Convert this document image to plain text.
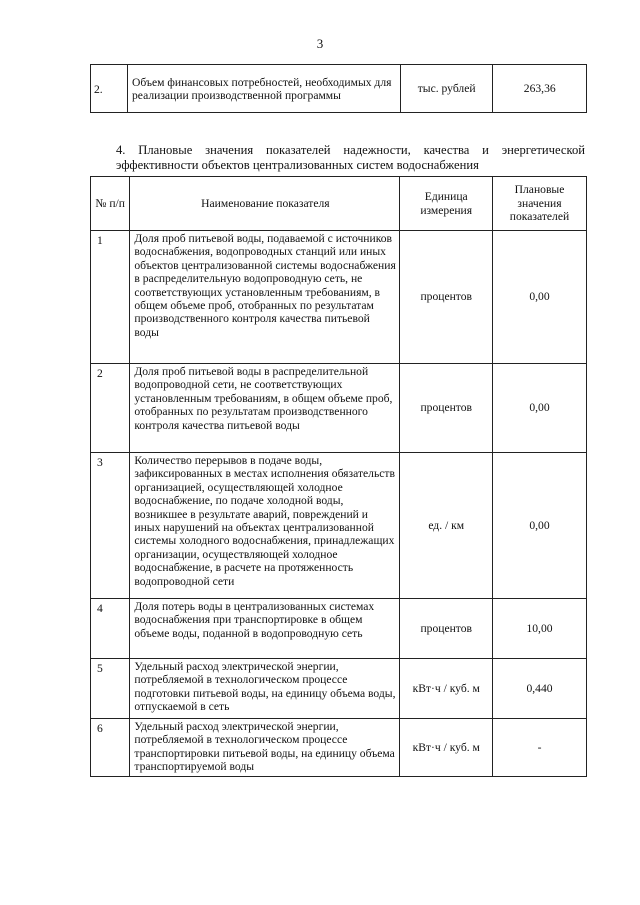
3
2.	Объем финансовых потребностей, необходимых для реализации производственной программы	тыс. рублей	263,36
4. Плановые значения показателей надежности, качества и энергетической эффективности объектов централизованных систем водоснабжения
№ п/п	Наименование показателя	Единица измерения	Плановые значения показателей
1	Доля проб питьевой воды, подаваемой с источников водоснабжения, водопроводных станций или иных объектов централизованной системы водоснабжения в распределительную водопроводную сеть, не соответствующих установленным требованиям, в общем объеме проб, отобранных по результатам производственного контроля качества питьевой воды	процентов	0,00
2	Доля проб питьевой воды в распределительной водопроводной сети, не соответствующих установленным требованиям, в общем объеме проб, отобранных по результатам производственного контроля качества питьевой воды	процентов	0,00
3	Количество перерывов в подаче воды, зафиксированных в местах исполнения обязательств организацией, осуществляющей холодное водоснабжение, по подаче холодной воды, возникшее в результате аварий, повреждений и иных нарушений на объектах централизованной системы холодного водоснабжения, принадлежащих организации, осуществляющей холодное водоснабжение, в расчете на протяженность водопроводной сети	ед. / км	0,00
4	Доля потерь воды в централизованных системах водоснабжения при транспортировке в общем объеме воды, поданной в водопроводную сеть	процентов	10,00
5	Удельный расход электрической энергии, потребляемой в технологическом процессе подготовки питьевой воды, на единицу объема воды, отпускаемой в сеть	кВт·ч / куб. м	0,440
6	Удельный расход электрической энергии, потребляемой в технологическом процессе транспортировки питьевой воды, на единицу объема транспортируемой воды	кВт·ч / куб. м	-
